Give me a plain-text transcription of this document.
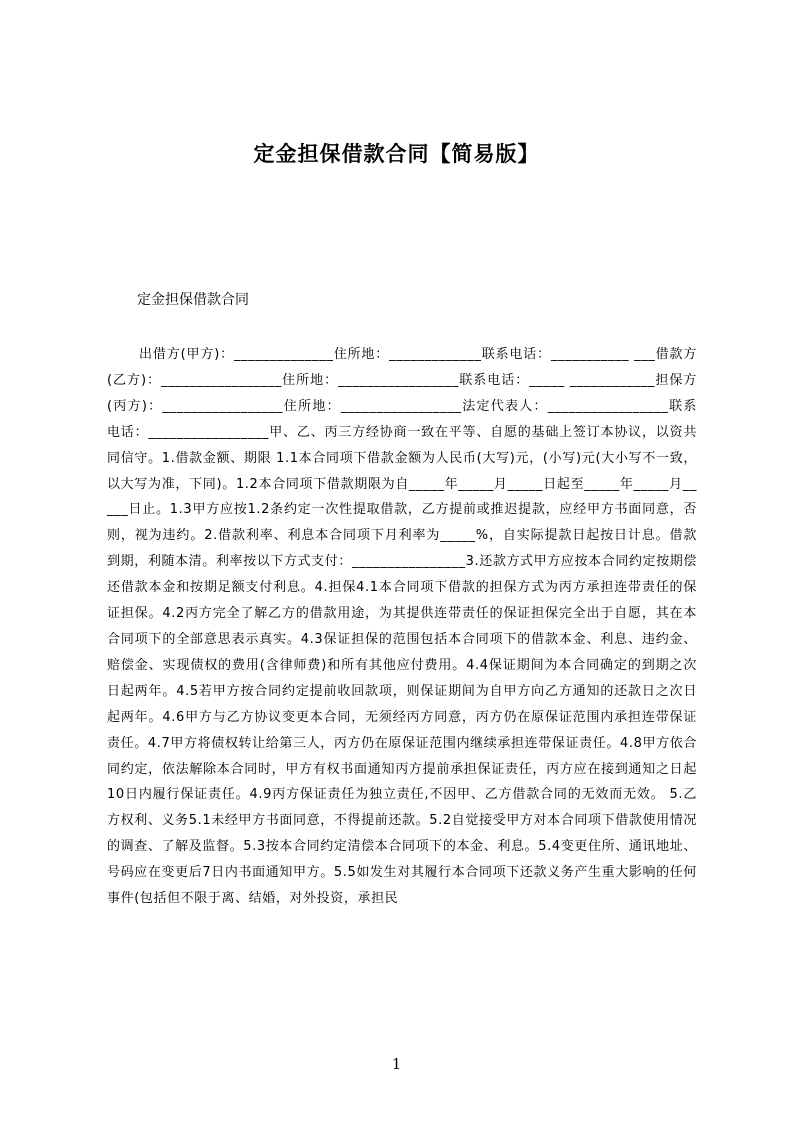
定金担保借款合同【简易版】

定金担保借款合同

出借方(甲方)：______________住所地：_____________联系电话：___________ ___借款方(乙方)：_________________住所地：_________________联系电话：_____ ____________担保方(丙方)：_________________住所地：_________________法定代表人：_________________联系电话：_________________甲、乙、丙三方经协商一致在平等、自愿的基础上签订本协议，以资共同信守。1.借款金额、期限 1.1本合同项下借款金额为人民币(大写)元，(小写)元(大小写不一致，以大写为准，下同)。1.2本合同项下借款期限为自_____年_____月_____日起至_____年_____月_____日止。1.3甲方应按1.2条约定一次性提取借款，乙方提前或推迟提款，应经甲方书面同意，否则，视为违约。2.借款利率、利息本合同项下月利率为_____%，自实际提款日起按日计息。借款到期，利随本清。利率按以下方式支付：________________3.还款方式甲方应按本合同约定按期偿还借款本金和按期足额支付利息。4.担保4.1本合同项下借款的担保方式为丙方承担连带责任的保证担保。4.2丙方完全了解乙方的借款用途，为其提供连带责任的保证担保完全出于自愿，其在本合同项下的全部意思表示真实。4.3保证担保的范围包括本合同项下的借款本金、利息、违约金、赔偿金、实现债权的费用(含律师费)和所有其他应付费用。4.4保证期间为本合同确定的到期之次日起两年。4.5若甲方按合同约定提前收回款项，则保证期间为自甲方向乙方通知的还款日之次日起两年。4.6甲方与乙方协议变更本合同，无须经丙方同意，丙方仍在原保证范围内承担连带保证责任。4.7甲方将债权转让给第三人，丙方仍在原保证范围内继续承担连带保证责任。4.8甲方依合同约定，依法解除本合同时，甲方有权书面通知丙方提前承担保证责任，丙方应在接到通知之日起10日内履行保证责任。4.9丙方保证责任为独立责任,不因甲、乙方借款合同的无效而无效。 5.乙方权利、义务5.1未经甲方书面同意，不得提前还款。5.2自觉接受甲方对本合同项下借款使用情况的调查、了解及监督。5.3按本合同约定清偿本合同项下的本金、利息。5.4变更住所、通讯地址、号码应在变更后7日内书面通知甲方。5.5如发生对其履行本合同项下还款义务产生重大影响的任何事件(包括但不限于离、结婚，对外投资，承担民

1
